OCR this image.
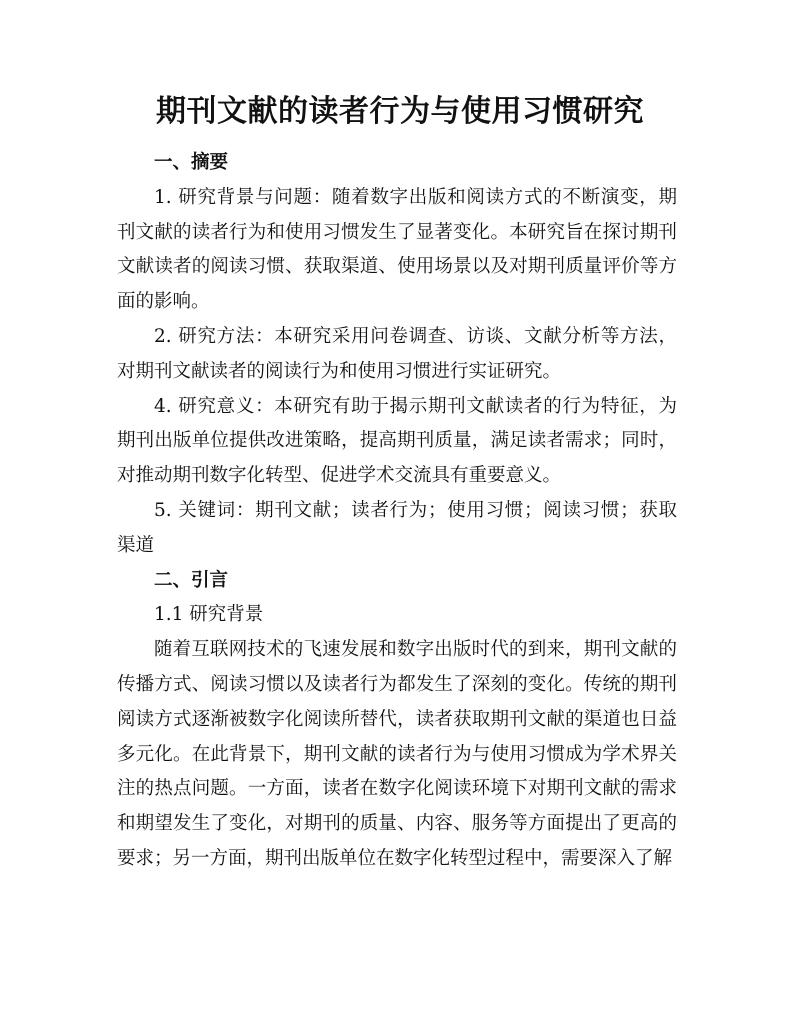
期刊文献的读者行为与使用习惯研究
一、摘要

1. 研究背景与问题：随着数字出版和阅读方式的不断演变，期刊文献的读者行为和使用习惯发生了显著变化。本研究旨在探讨期刊文献读者的阅读习惯、获取渠道、使用场景以及对期刊质量评价等方面的影响。

2. 研究方法：本研究采用问卷调查、访谈、文献分析等方法，对期刊文献读者的阅读行为和使用习惯进行实证研究。

4. 研究意义：本研究有助于揭示期刊文献读者的行为特征，为期刊出版单位提供改进策略，提高期刊质量，满足读者需求；同时，对推动期刊数字化转型、促进学术交流具有重要意义。

5. 关键词：期刊文献；读者行为；使用习惯；阅读习惯；获取渠道

二、引言

1.1 研究背景

随着互联网技术的飞速发展和数字出版时代的到来，期刊文献的传播方式、阅读习惯以及读者行为都发生了深刻的变化。传统的期刊阅读方式逐渐被数字化阅读所替代，读者获取期刊文献的渠道也日益多元化。在此背景下，期刊文献的读者行为与使用习惯成为学术界关注的热点问题。一方面，读者在数字化阅读环境下对期刊文献的需求和期望发生了变化，对期刊的质量、内容、服务等方面提出了更高的要求；另一方面，期刊出版单位在数字化转型过程中，需要深入了解
